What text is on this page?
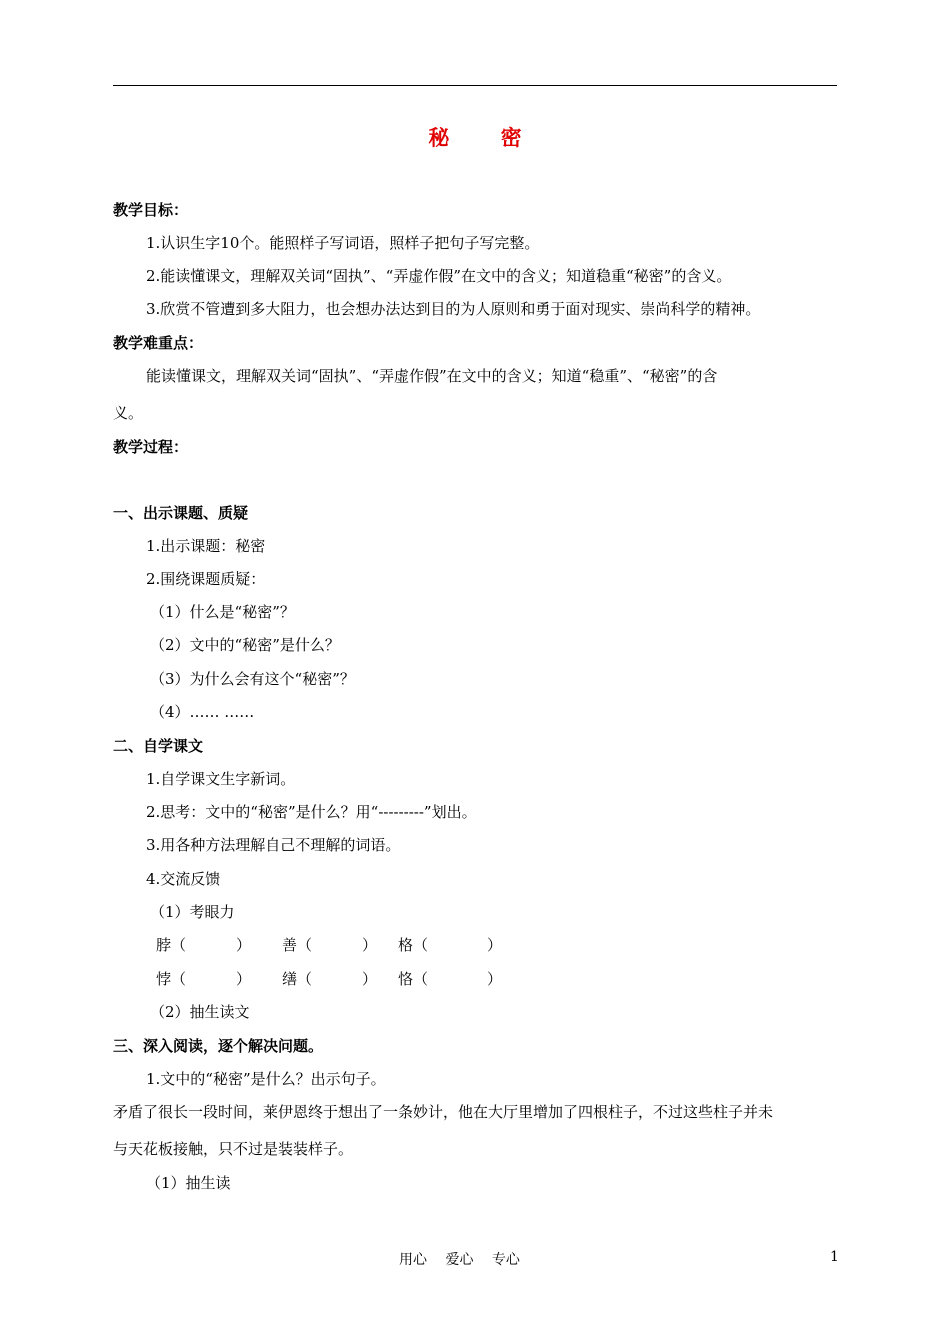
秘 密
教学目标：
1.认识生字10个。能照样子写词语，照样子把句子写完整。
2.能读懂课文，理解双关词“固执”、“弄虚作假”在文中的含义；知道稳重“秘密”的含义。
3.欣赏不管遭到多大阻力，也会想办法达到目的为人原则和勇于面对现实、崇尚科学的精神。
教学难重点：
能读懂课文，理解双关词“固执”、“弄虚作假”在文中的含义；知道“稳重”、“秘密”的含
义。
教学过程：
一、出示课题、质疑
1.出示课题：秘密
2.围绕课题质疑：
（1）什么是“秘密”？
（2）文中的“秘密”是什么？
（3）为什么会有这个“秘密”？
（4）…… ……
二、自学课文
1.自学课文生字新词。
2.思考：文中的“秘密”是什么？用“---------”划出。
3.用各种方法理解自己不理解的词语。
4.交流反馈
（1）考眼力
脖（	） 善（	） 格（	）
悖（	） 缮（	） 恪（	）
（2）抽生读文
三、深入阅读，逐个解决问题。
1.文中的“秘密”是什么？出示句子。
矛盾了很长一段时间，莱伊恩终于想出了一条妙计，他在大厅里增加了四根柱子，不过这些柱子并未
与天花板接触，只不过是装装样子。
（1）抽生读
用心　 爱心　 专心	1
